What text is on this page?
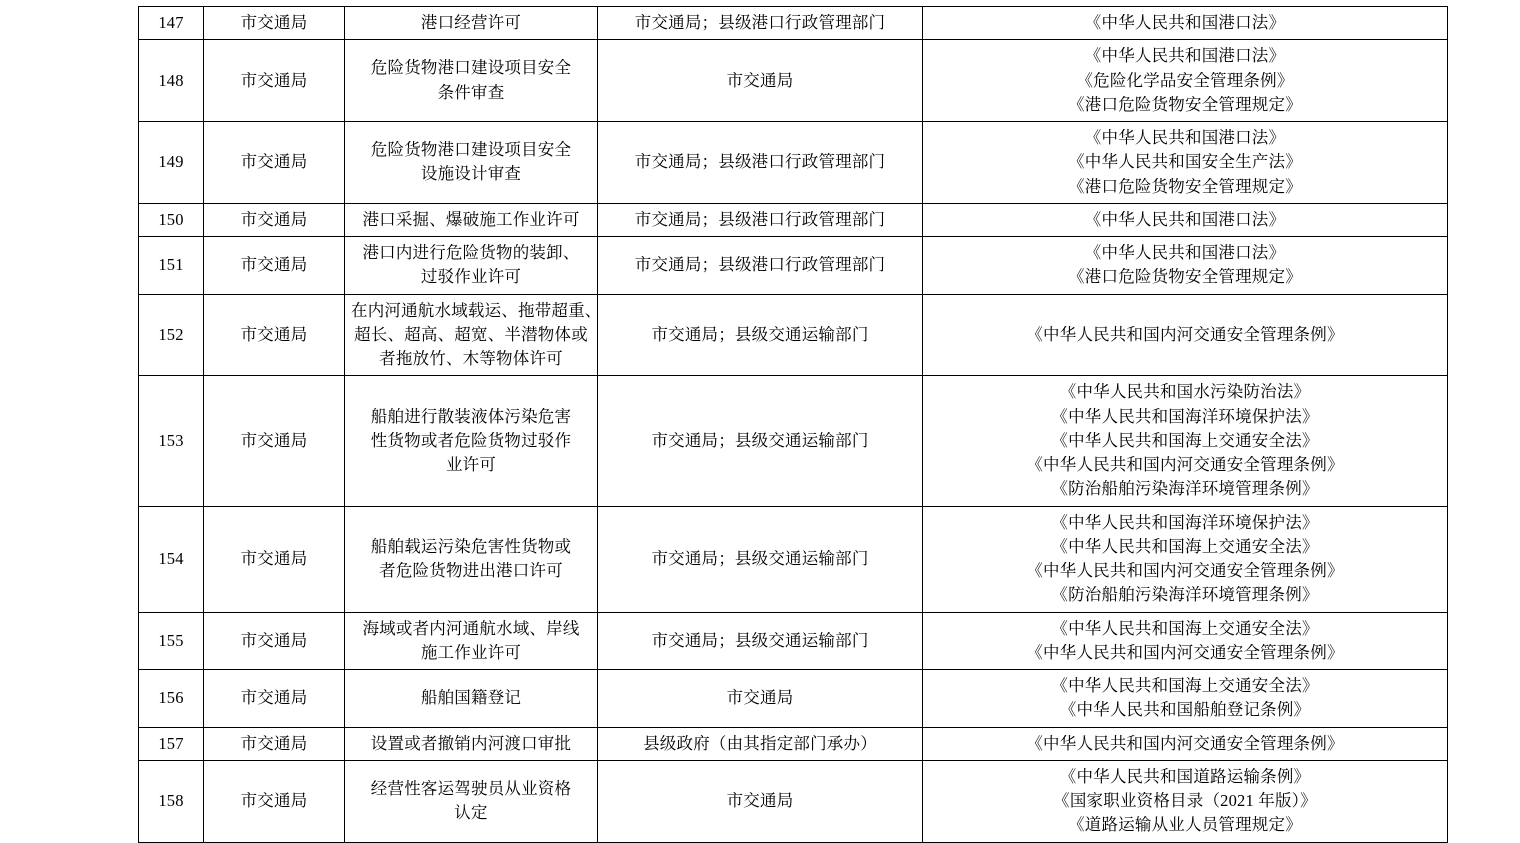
147	市交通局	港口经营许可	市交通局；县级港口行政管理部门	《中华人民共和国港口法》

148	市交通局	危险货物港口建设项目安全
条件审查	市交通局	《中华人民共和国港口法》
《危险化学品安全管理条例》
《港口危险货物安全管理规定》

149	市交通局	危险货物港口建设项目安全
设施设计审查	市交通局；县级港口行政管理部门	《中华人民共和国港口法》
《中华人民共和国安全生产法》
《港口危险货物安全管理规定》

150	市交通局	港口采掘、爆破施工作业许可	市交通局；县级港口行政管理部门	《中华人民共和国港口法》

151	市交通局	港口内进行危险货物的装卸、
过驳作业许可	市交通局；县级港口行政管理部门	《中华人民共和国港口法》
《港口危险货物安全管理规定》

152	市交通局	在内河通航水域载运、拖带超重、
超长、超高、超宽、半潜物体或
者拖放竹、木等物体许可	市交通局；县级交通运输部门	《中华人民共和国内河交通安全管理条例》

153	市交通局	船舶进行散装液体污染危害
性货物或者危险货物过驳作
业许可	市交通局；县级交通运输部门	《中华人民共和国水污染防治法》
《中华人民共和国海洋环境保护法》
《中华人民共和国海上交通安全法》
《中华人民共和国内河交通安全管理条例》
《防治船舶污染海洋环境管理条例》

154	市交通局	船舶载运污染危害性货物或
者危险货物进出港口许可	市交通局；县级交通运输部门	《中华人民共和国海洋环境保护法》
《中华人民共和国海上交通安全法》
《中华人民共和国内河交通安全管理条例》
《防治船舶污染海洋环境管理条例》

155	市交通局	海域或者内河通航水域、岸线
施工作业许可	市交通局；县级交通运输部门	《中华人民共和国海上交通安全法》
《中华人民共和国内河交通安全管理条例》

156	市交通局	船舶国籍登记	市交通局	《中华人民共和国海上交通安全法》
《中华人民共和国船舶登记条例》

157	市交通局	设置或者撤销内河渡口审批	县级政府（由其指定部门承办）	《中华人民共和国内河交通安全管理条例》

158	市交通局	经营性客运驾驶员从业资格
认定	市交通局	《中华人民共和国道路运输条例》
《国家职业资格目录（2021 年版）》
《道路运输从业人员管理规定》
